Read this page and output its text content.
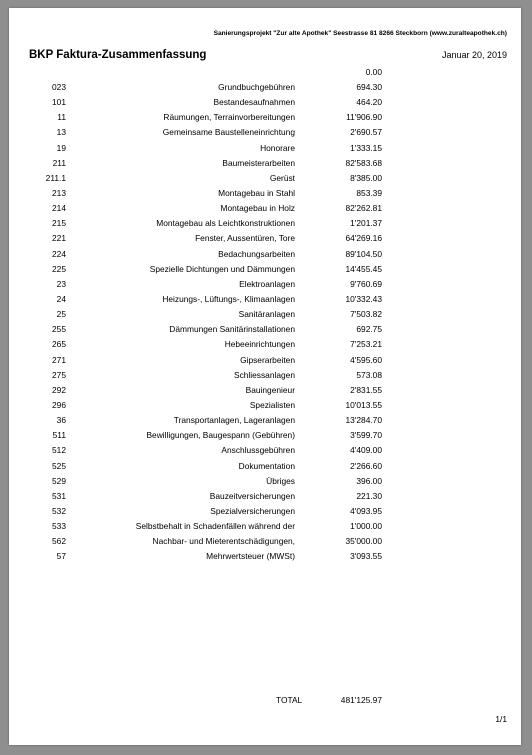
Sanierungsprojekt "Zur alte Apothek" Seestrasse 81 8266 Steckborn (www.zuralteapothek.ch)
BKP Faktura-Zusammenfassung	Januar 20, 2019
0.00
023	Grundbuchgebühren	694.30
101	Bestandesaufnahmen	464.20
11	Räumungen, Terrainvorbereitungen	11'906.90
13	Gemeinsame Baustelleneinrichtung	2'690.57
19	Honorare	1'333.15
211	Baumeisterarbeiten	82'583.68
211.1	Gerüst	8'385.00
213	Montagebau in Stahl	853.39
214	Montagebau in Holz	82'262.81
215	Montagebau als Leichtkonstruktionen	1'201.37
221	Fenster, Aussentüren, Tore	64'269.16
224	Bedachungsarbeiten	89'104.50
225	Spezielle Dichtungen und Dämmungen	14'455.45
23	Elektroanlagen	9'760.69
24	Heizungs-, Lüftungs-, Klimaanlagen	10'332.43
25	Sanitäranlagen	7'503.82
255	Dämmungen Sanitärinstallationen	692.75
265	Hebeeinrichtungen	7'253.21
271	Gipserarbeiten	4'595.60
275	Schliessanlagen	573.08
292	Bauingenieur	2'831.55
296	Spezialisten	10'013.55
36	Transportanlagen, Lageranlagen	13'284.70
511	Bewilligungen, Baugespann (Gebühren)	3'599.70
512	Anschlussgebühren	4'409.00
525	Dokumentation	2'266.60
529	Übriges	396.00
531	Bauzeitversicherungen	221.30
532	Spezialversicherungen	4'093.95
533	Selbstbehalt in Schadenfällen während der	1'000.00
562	Nachbar- und Mieterentschädigungen,	35'000.00
57	Mehrwertsteuer (MWSt)	3'093.55
TOTAL	481'125.97
1/1
